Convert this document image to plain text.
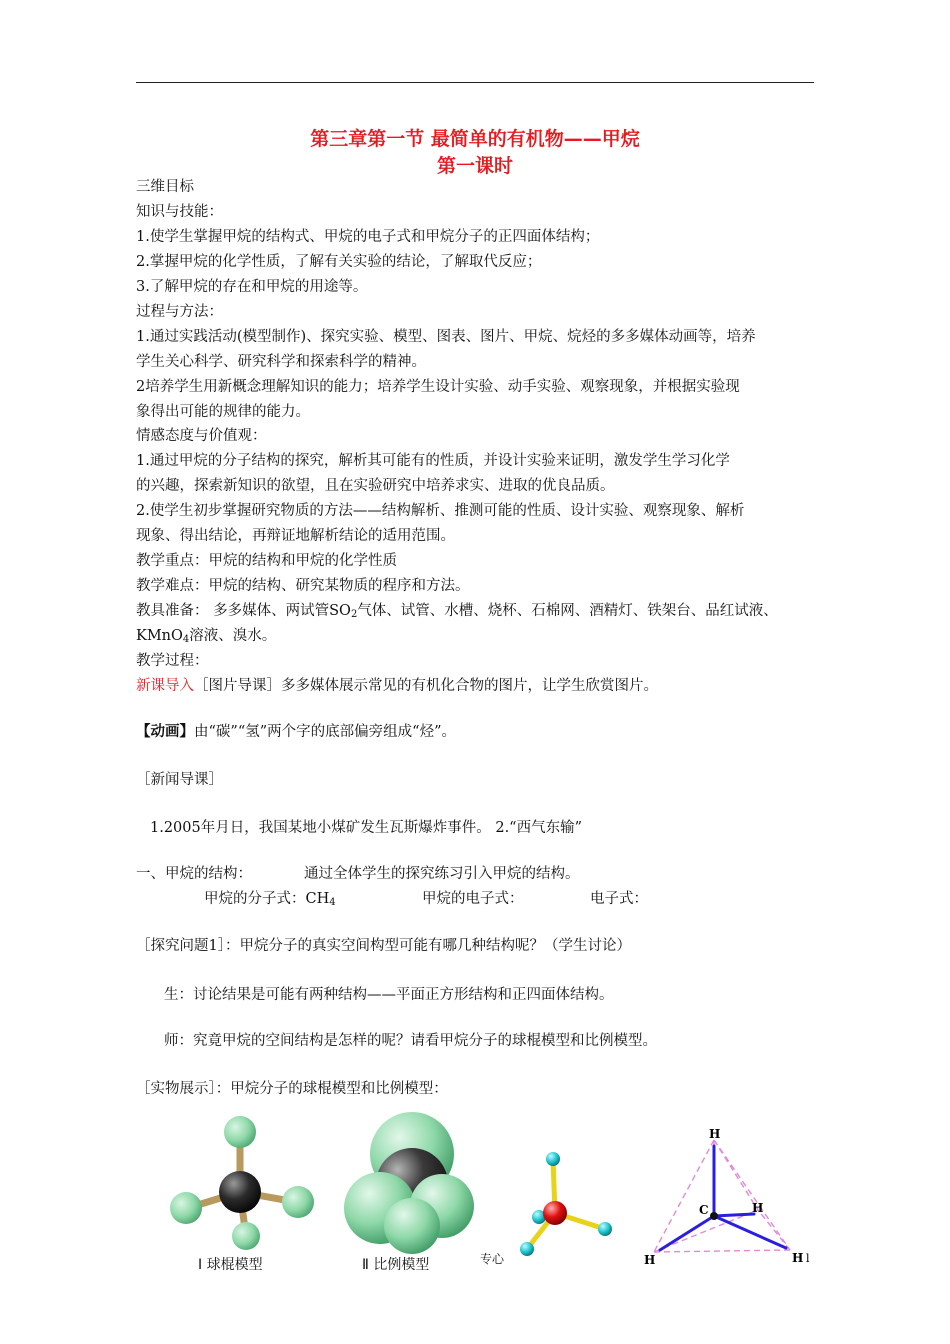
第三章第一节 最简单的有机物——甲烷
第一课时
三维目标
知识与技能：
1.使学生掌握甲烷的结构式、甲烷的电子式和甲烷分子的正四面体结构；
2.掌握甲烷的化学性质，了解有关实验的结论，了解取代反应；
3.了解甲烷的存在和甲烷的用途等。
过程与方法：
1.通过实践活动(模型制作)、探究实验、模型、图表、图片、甲烷、烷烃的多多媒体动画等，培养
学生关心科学、研究科学和探索科学的精神。
2培养学生用新概念理解知识的能力；培养学生设计实验、动手实验、观察现象，并根据实验现
象得出可能的规律的能力。
情感态度与价值观：
1.通过甲烷的分子结构的探究，解析其可能有的性质，并设计实验来证明，激发学生学习化学
的兴趣，探索新知识的欲望，且在实验研究中培养求实、进取的优良品质。
2.使学生初步掌握研究物质的方法——结构解析、推测可能的性质、设计实验、观察现象、解析
现象、得出结论，再辩证地解析结论的适用范围。
教学重点：甲烷的结构和甲烷的化学性质
教学难点：甲烷的结构、研究某物质的程序和方法。
教具准备： 多多媒体、两试管$SO_2$气体、试管、水槽、烧杯、石棉网、酒精灯、铁架台、品红试液、
KMnO$_4$溶液、溴水。
教学过程：
新课导入［图片导课］多多媒体展示常见的有机化合物的图片，让学生欣赏图片。
【动画】由“碳”“氢”两个字的底部偏旁组成“烃”。
［新闻导课］
1.2005年月日，我国某地小煤矿发生瓦斯爆炸事件。 2.“西气东输”
一、甲烷的结构：	通过全体学生的探究练习引入甲烷的结构。
甲烷的分子式：$CH_4$	甲烷的电子式：	电子式：
［探究问题1］：甲烷分子的真实空间构型可能有哪几种结构呢？（学生讨论）
生：讨论结果是可能有两种结构——平面正方形结构和正四面体结构。
师：究竟甲烷的空间结构是怎样的呢？请看甲烷分子的球棍模型和比例模型。
［实物展示］：甲烷分子的球棍模型和比例模型：
Ⅰ 球棍模型	Ⅱ 比例模型	专心
H
C	H
H	H l
